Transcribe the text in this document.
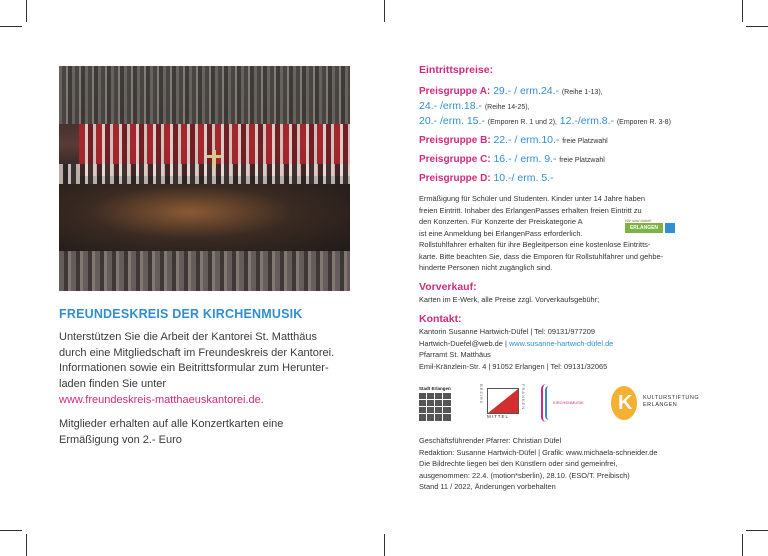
FREUNDESKREIS DER KIRCHENMUSIK
Unterstützen Sie die Arbeit der Kantorei St. Matthäus
durch eine Mitgliedschaft im Freundeskreis der Kantorei.
Informationen sowie ein Beitrittsformular zum Herunter-
laden finden Sie unter
www.freundeskreis-matthaeuskantorei.de.
Mitglieder erhalten auf alle Konzertkarten eine
Ermäßigung von 2.- Euro
Eintrittspreise:
Preisgruppe A: 29.- / erm.24.- (Reihe 1-13),
24.- /erm.18.- (Reihe 14-25),
20.- /erm. 15.- (Emporen R. 1 und 2), 12.-/erm.8.- (Emporen R. 3-8)
Preisgruppe B: 22.- / erm.10.- freie Platzwahl
Preisgruppe C: 16.- / erm. 9.- freie Platzwahl
Preisgruppe D: 10.-/ erm. 5.-
Ermäßigung für Schüler und Studenten. Kinder unter 14 Jahre haben
freien Eintritt. Inhaber des ErlangenPasses erhalten freien Eintritt zu
den Konzerten. Für Konzerte der Preiskategorie A
ist eine Anmeldung bei ErlangenPass erforderlich.
Rollstuhlfahrer erhalten für ihre Begleitperson eine kostenlose Eintritts-
karte. Bitte beachten Sie, dass die Emporen für Rollstuhlfahrer und gehbe-
hinderte Personen nicht zugänglich sind.
Wir sind dabei!
ERLANGEN PASS
Vorverkauf:
Karten im E-Werk, alle Preise zzgl. Vorverkaufsgebühr;
Kontakt:
Kantorin Susanne Hartwich-Düfel | Tel: 09131/977209
Hartwich-Duefel@web.de | www.susanne-hartwich-düfel.de
Pfarramt St. Matthäus
Emil-Kränzlein-Str. 4 | 91052 Erlangen | Tel: 09131/32065
Stadt Erlangen	BEZIRK
MITTEL
FRANKEN	KIRCHENMUSIK
K
KULTURSTIFTUNG
ERLANGEN
Geschäftsführender Pfarrer: Christian Düfel
Redaktion: Susanne Hartwich-Düfel | Grafik: www.michaela-schneider.de
Die Bildrechte liegen bei den Künstlern oder sind gemeinfrei,
ausgenommen: 22.4. (motion*sberlin), 28.10. (ESO/T. Preibisch)
Stand 11 / 2022, Änderungen vorbehalten
